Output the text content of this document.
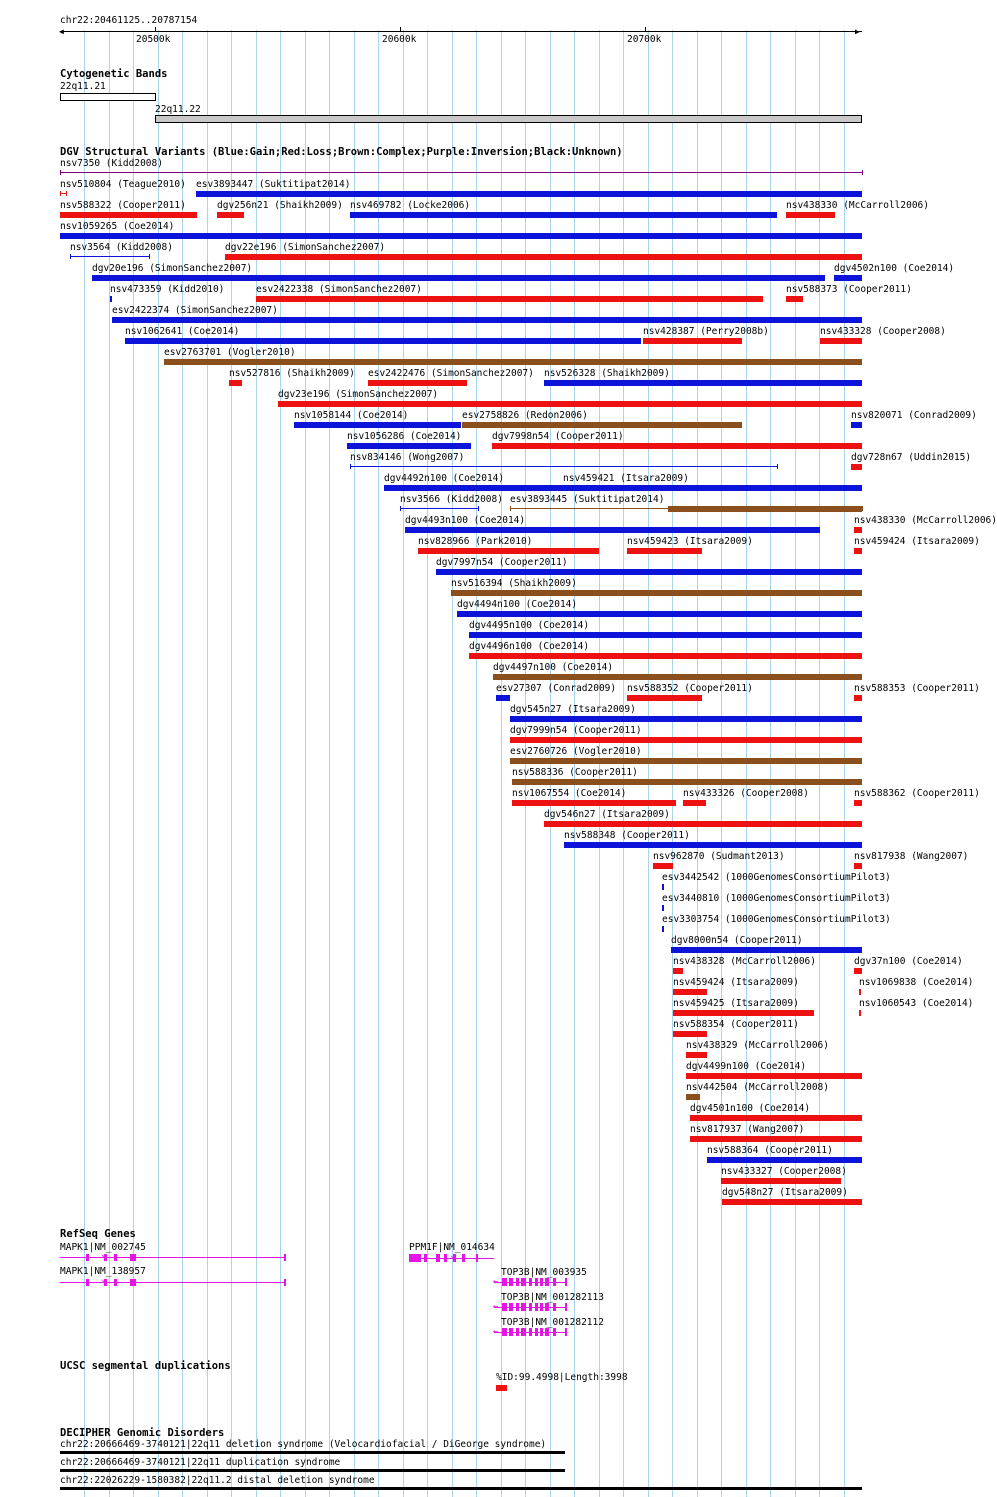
chr22:20461125..20787154
◀	▶
20500k	20600k	20700k
Cytogenetic Bands
22q11.21
22q11.22
DGV Structural Variants (Blue:Gain;Red:Loss;Brown:Complex;Purple:Inversion;Black:Unknown)
nsv7350 (Kidd2008)
nsv510804 (Teague2010) esv3893447 (Suktitipat2014)
nsv588322 (Cooper2011)	dgv256n21 (Shaikh2009) nsv469782 (Locke2006)	nsv438330 (McCarroll2006)
nsv1059265 (Coe2014)
nsv3564 (Kidd2008)	dgv22e196 (SimonSanchez2007)
dgv20e196 (SimonSanchez2007)	dgv4502n100 (Coe2014)
nsv473359 (Kidd2010)	esv2422338 (SimonSanchez2007)	nsv588373 (Cooper2011)
esv2422374 (SimonSanchez2007)
nsv1062641 (Coe2014)	nsv428387 (Perry2008b)	nsv433328 (Cooper2008)
esv2763701 (Vogler2010)
nsv527816 (Shaikh2009) esv2422476 (SimonSanchez2007) nsv526328 (Shaikh2009)
dgv23e196 (SimonSanchez2007)
nsv1058144 (Coe2014)	esv2758826 (Redon2006)	nsv820071 (Conrad2009)
nsv1056286 (Coe2014)	dgv7998n54 (Cooper2011)
nsv834146 (Wong2007)	dgv728n67 (Uddin2015)
dgv4492n100 (Coe2014)	nsv459421 (Itsara2009)
nsv3566 (Kidd2008) esv3893445 (Suktitipat2014)
dgv4493n100 (Coe2014)	nsv438330 (McCarroll2006)
nsv828966 (Park2010)	nsv459423 (Itsara2009)	nsv459424 (Itsara2009)
dgv7997n54 (Cooper2011)
nsv516394 (Shaikh2009)
dgv4494n100 (Coe2014)
dgv4495n100 (Coe2014)
dgv4496n100 (Coe2014)
dgv4497n100 (Coe2014)
esv27307 (Conrad2009) nsv588352 (Cooper2011)	nsv588353 (Cooper2011)
dgv545n27 (Itsara2009)
dgv7999n54 (Cooper2011)
esv2760726 (Vogler2010)
nsv588336 (Cooper2011)
nsv1067554 (Coe2014)	nsv433326 (Cooper2008)	nsv588362 (Cooper2011)
dgv546n27 (Itsara2009)
nsv588348 (Cooper2011)
nsv962870 (Sudmant2013)	nsv817938 (Wang2007)
esv3442542 (1000GenomesConsortiumPilot3)
esv3440810 (1000GenomesConsortiumPilot3)
esv3303754 (1000GenomesConsortiumPilot3)
dgv8000n54 (Cooper2011)
nsv438328 (McCarroll2006)	dgv37n100 (Coe2014)
nsv459424 (Itsara2009)	nsv1069838 (Coe2014)
nsv459425 (Itsara2009)	nsv1060543 (Coe2014)
nsv588354 (Cooper2011)
nsv438329 (McCarroll2006)
dgv4499n100 (Coe2014)
nsv442504 (McCarroll2008)
dgv4501n100 (Coe2014)
nsv817937 (Wang2007)
nsv588364 (Cooper2011)
nsv433327 (Cooper2008)
dgv548n27 (Itsara2009)
RefSeq Genes
MAPK1|NM_002745
›
MAPK1|NM_138957
›
PPM1F|NM_014634
›
TOP3B|NM_003935
←
TOP3B|NM_001282113
←
TOP3B|NM_001282112
←
UCSC segmental duplications
%ID:99.4998|Length:3998
DECIPHER Genomic Disorders
chr22:20666469-3740121|22q11 deletion syndrome (Velocardiofacial / DiGeorge syndrome)
chr22:20666469-3740121|22q11 duplication syndrome
chr22:22026229-1580382|22q11.2 distal deletion syndrome
